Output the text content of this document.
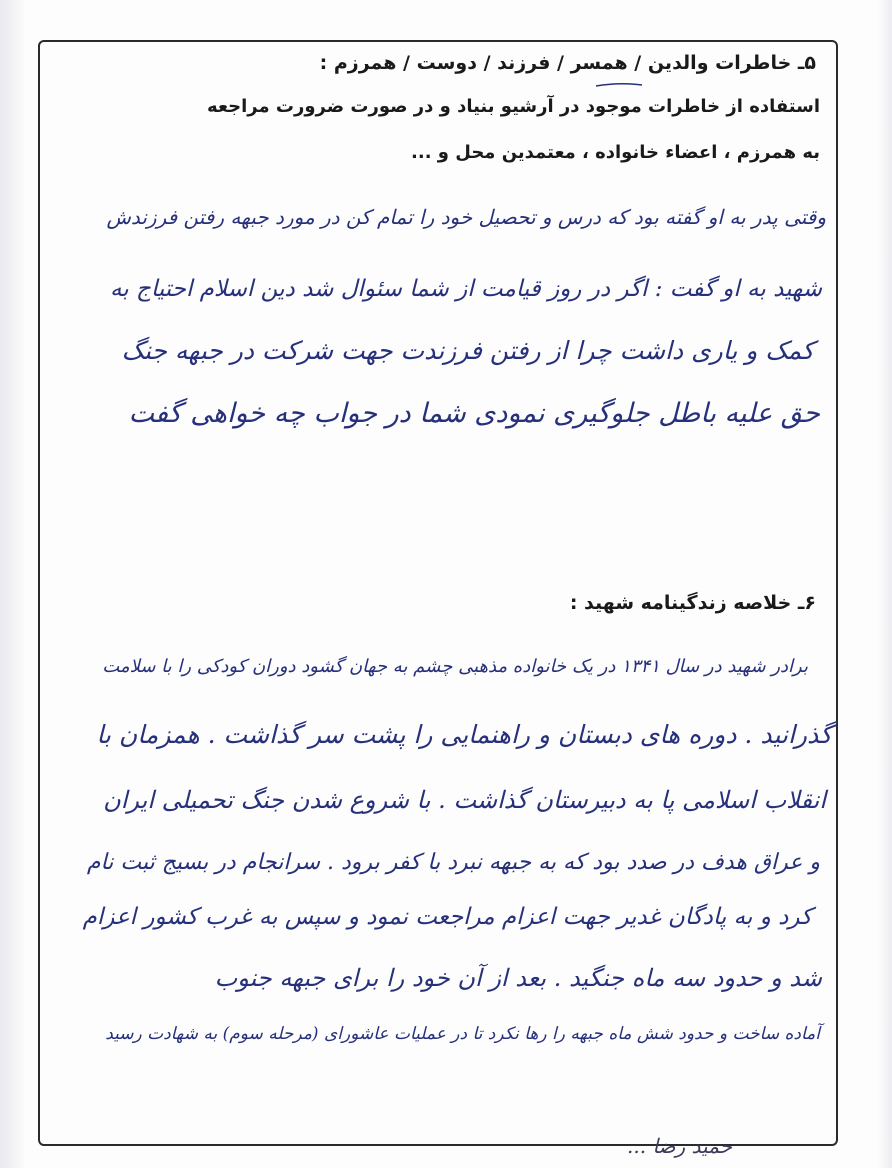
۵ـ خاطرات والدین / همسر / فرزند / دوست / همرزم :
استفاده از خاطرات موجود در آرشیو بنیاد و در صورت ضرورت مراجعه
به همرزم ، اعضاء خانواده ، معتمدین محل و ...
وقتی پدر به او گفته بود که درس و تحصیل خود را تمام کن در مورد جبهه رفتن فرزندش
شهید به او گفت : اگر در روز قیامت از شما سئوال شد دین اسلام احتیاج به
کمک و یاری داشت چرا از رفتن فرزندت جهت شرکت در جبهه جنگ
حق علیه باطل جلوگیری نمودی شما در جواب چه خواهی گفت
۶ـ خلاصه زندگینامه شهید :
برادر شهید در سال ۱۳۴۱ در یک خانواده مذهبی چشم به جهان گشود دوران کودکی را با سلامت
گذرانید . دوره های دبستان و راهنمایی را پشت سر گذاشت . همزمان با
انقلاب اسلامی پا به دبیرستان گذاشت . با شروع شدن جنگ تحمیلی ایران
و عراق هدف در صدد بود که به جبهه نبرد با کفر برود . سرانجام در بسیج ثبت نام
کرد و به پادگان غدیر جهت اعزام مراجعت نمود و سپس به غرب کشور اعزام
شد و حدود سه ماه جنگید . بعد از آن خود را برای جبهه جنوب
آماده ساخت و حدود شش ماه جبهه را رها نکرد تا در عملیات عاشورای (مرحله سوم) به شهادت رسید
حمید رضا ...
